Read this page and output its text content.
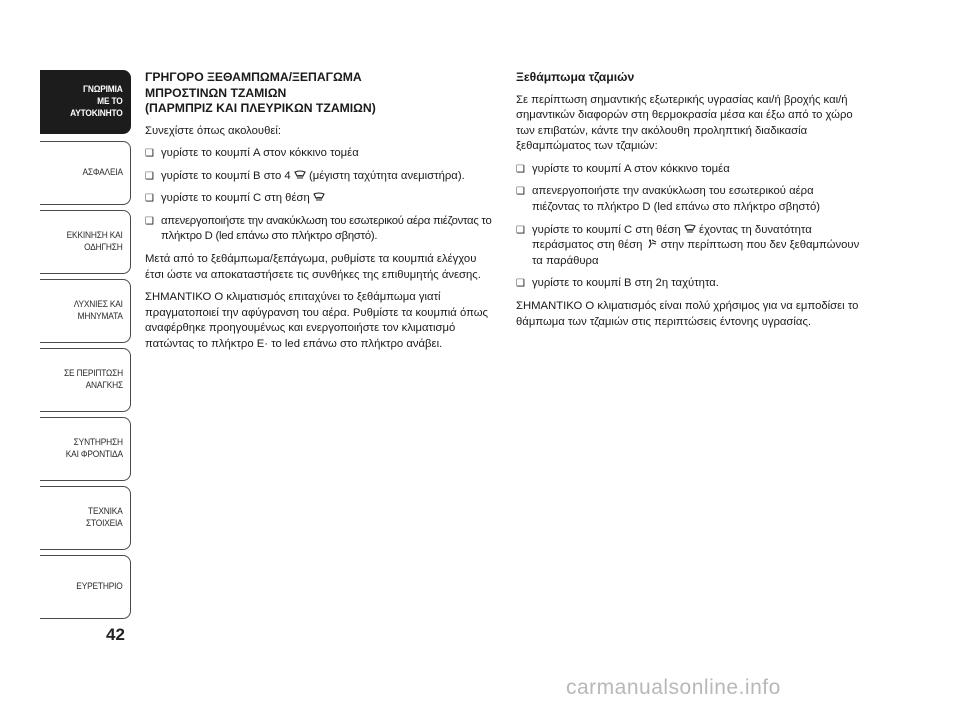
ΓΝΩΡΙΜΙΑ
ΜΕ ΤΟ
ΑΥΤΟΚΙΝΗΤΟ
ΑΣΦΑΛΕΙΑ
ΕΚΚΙΝΗΣΗ ΚΑΙ
ΟΔΗΓΗΣΗ
ΛΥΧΝΙΕΣ ΚΑΙ
ΜΗΝΥΜΑΤΑ
ΣΕ ΠΕΡΙΠΤΩΣΗ
ΑΝΑΓΚΗΣ
ΣΥΝΤΗΡΗΣΗ
ΚΑΙ ΦΡΟΝΤΙΔΑ
ΤΕΧΝΙΚΑ
ΣΤΟΙΧΕΙΑ
ΕΥΡΕΤΗΡΙΟ
42

ΓΡΗΓΟΡΟ ΞΕΘΑΜΠΩΜΑ/ΞΕΠΑΓΩΜΑ
ΜΠΡΟΣΤΙΝΩΝ ΤΖΑΜΙΩΝ
(ΠΑΡΜΠΡΙΖ ΚΑΙ ΠΛΕΥΡΙΚΩΝ ΤΖΑΜΙΩΝ)

Συνεχίστε όπως ακολουθεί:

❑ γυρίστε το κουμπί A στον κόκκινο τομέα

❑ γυρίστε το κουμπί B στο 4 (μέγιστη ταχύτητα ανεμιστήρα).

❑ γυρίστε το κουμπί C στη θέση

❑ απενεργοποιήστε την ανακύκλωση του εσωτερικού αέρα πιέζοντας το πλήκτρο D (led επάνω στο πλήκτρο σβηστό).

Μετά από το ξεθάμπωμα/ξεπάγωμα, ρυθμίστε τα κουμπιά ελέγχου έτσι ώστε να αποκαταστήσετε τις συνθήκες της επιθυμητής άνεσης.

ΣΗΜΑΝΤΙΚΟ Ο κλιματισμός επιταχύνει το ξεθάμπωμα γιατί πραγματοποιεί την αφύγρανση του αέρα. Ρυθμίστε τα κουμπιά όπως αναφέρθηκε προηγουμένως και ενεργοποιήστε τον κλιματισμό πατώντας το πλήκτρο E· το led επάνω στο πλήκτρο ανάβει.

Ξεθάμπωμα τζαμιών

Σε περίπτωση σημαντικής εξωτερικής υγρασίας και/ή βροχής και/ή σημαντικών διαφορών στη θερμοκρασία μέσα και έξω από το χώρο των επιβατών, κάντε την ακόλουθη προληπτική διαδικασία ξεθαμπώματος των τζαμιών:

❑ γυρίστε το κουμπί A στον κόκκινο τομέα

❑ απενεργοποιήστε την ανακύκλωση του εσωτερικού αέρα πιέζοντας το πλήκτρο D (led επάνω στο πλήκτρο σβηστό)

❑ γυρίστε το κουμπί C στη θέση έχοντας τη δυνατότητα περάσματος στη θέση στην περίπτωση που δεν ξεθαμπώνουν τα παράθυρα

❑ γυρίστε το κουμπί B στη 2η ταχύτητα.

ΣΗΜΑΝΤΙΚΟ Ο κλιματισμός είναι πολύ χρήσιμος για να εμποδίσει το θάμπωμα των τζαμιών στις περιπτώσεις έντονης υγρασίας.

carmanualsonline.info
